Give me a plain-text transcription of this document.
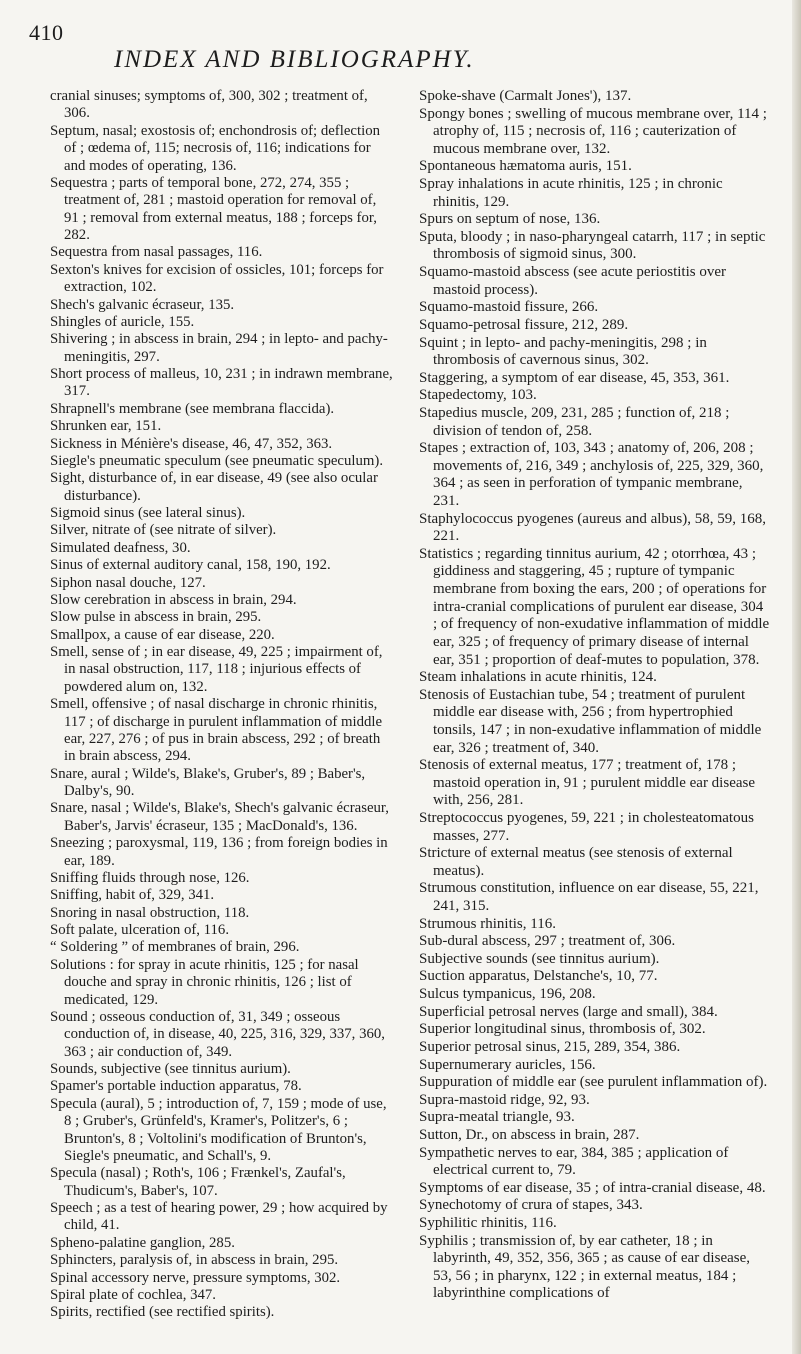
410
INDEX AND BIBLIOGRAPHY.

cranial sinuses; symptoms of, 300, 302 ; treatment of, 306.

Septum, nasal; exostosis of; enchondrosis of; deflection of ; œdema of, 115; necrosis of, 116; indications for and modes of operating, 136.

Sequestra ; parts of temporal bone, 272, 274, 355 ; treatment of, 281 ; mastoid operation for removal of, 91 ; removal from external meatus, 188 ; forceps for, 282.

Sequestra from nasal passages, 116.

Sexton's knives for excision of ossicles, 101; forceps for extraction, 102.

Shech's galvanic écraseur, 135.

Shingles of auricle, 155.

Shivering ; in abscess in brain, 294 ; in lepto- and pachy-meningitis, 297.

Short process of malleus, 10, 231 ; in indrawn membrane, 317.

Shrapnell's membrane (see membrana flaccida).

Shrunken ear, 151.

Sickness in Ménière's disease, 46, 47, 352, 363.

Siegle's pneumatic speculum (see pneumatic speculum).

Sight, disturbance of, in ear disease, 49 (see also ocular disturbance).

Sigmoid sinus (see lateral sinus).

Silver, nitrate of (see nitrate of silver).

Simulated deafness, 30.

Sinus of external auditory canal, 158, 190, 192.

Siphon nasal douche, 127.

Slow cerebration in abscess in brain, 294.

Slow pulse in abscess in brain, 295.

Smallpox, a cause of ear disease, 220.

Smell, sense of ; in ear disease, 49, 225 ; impairment of, in nasal obstruction, 117, 118 ; injurious effects of powdered alum on, 132.

Smell, offensive ; of nasal discharge in chronic rhinitis, 117 ; of discharge in purulent inflammation of middle ear, 227, 276 ; of pus in brain abscess, 292 ; of breath in brain abscess, 294.

Snare, aural ; Wilde's, Blake's, Gruber's, 89 ; Baber's, Dalby's, 90.

Snare, nasal ; Wilde's, Blake's, Shech's galvanic écraseur, Baber's, Jarvis' écraseur, 135 ; MacDonald's, 136.

Sneezing ; paroxysmal, 119, 136 ; from foreign bodies in ear, 189.

Sniffing fluids through nose, 126.

Sniffing, habit of, 329, 341.

Snoring in nasal obstruction, 118.

Soft palate, ulceration of, 116.

“ Soldering ” of membranes of brain, 296.

Solutions : for spray in acute rhinitis, 125 ; for nasal douche and spray in chronic rhinitis, 126 ; list of medicated, 129.

Sound ; osseous conduction of, 31, 349 ; osseous conduction of, in disease, 40, 225, 316, 329, 337, 360, 363 ; air conduction of, 349.

Sounds, subjective (see tinnitus aurium).

Spamer's portable induction apparatus, 78.

Specula (aural), 5 ; introduction of, 7, 159 ; mode of use, 8 ; Gruber's, Grünfeld's, Kramer's, Politzer's, 6 ; Brunton's, 8 ; Voltolini's modification of Brunton's, Siegle's pneumatic, and Schall's, 9.

Specula (nasal) ; Roth's, 106 ; Frænkel's, Zaufal's, Thudicum's, Baber's, 107.

Speech ; as a test of hearing power, 29 ; how acquired by child, 41.

Spheno-palatine ganglion, 285.

Sphincters, paralysis of, in abscess in brain, 295.

Spinal accessory nerve, pressure symptoms, 302.

Spiral plate of cochlea, 347.

Spirits, rectified (see rectified spirits).

Spoke-shave (Carmalt Jones'), 137.

Spongy bones ; swelling of mucous membrane over, 114 ; atrophy of, 115 ; necrosis of, 116 ; cauterization of mucous membrane over, 132.

Spontaneous hæmatoma auris, 151.

Spray inhalations in acute rhinitis, 125 ; in chronic rhinitis, 129.

Spurs on septum of nose, 136.

Sputa, bloody ; in naso-pharyngeal catarrh, 117 ; in septic thrombosis of sigmoid sinus, 300.

Squamo-mastoid abscess (see acute periostitis over mastoid process).

Squamo-mastoid fissure, 266.

Squamo-petrosal fissure, 212, 289.

Squint ; in lepto- and pachy-meningitis, 298 ; in thrombosis of cavernous sinus, 302.

Staggering, a symptom of ear disease, 45, 353, 361.

Stapedectomy, 103.

Stapedius muscle, 209, 231, 285 ; function of, 218 ; division of tendon of, 258.

Stapes ; extraction of, 103, 343 ; anatomy of, 206, 208 ; movements of, 216, 349 ; anchylosis of, 225, 329, 360, 364 ; as seen in perforation of tympanic membrane, 231.

Staphylococcus pyogenes (aureus and albus), 58, 59, 168, 221.

Statistics ; regarding tinnitus aurium, 42 ; otorrhœa, 43 ; giddiness and staggering, 45 ; rupture of tympanic membrane from boxing the ears, 200 ; of operations for intra-cranial complications of purulent ear disease, 304 ; of frequency of non-exudative inflammation of middle ear, 325 ; of frequency of primary disease of internal ear, 351 ; proportion of deaf-mutes to population, 378.

Steam inhalations in acute rhinitis, 124.

Stenosis of Eustachian tube, 54 ; treatment of purulent middle ear disease with, 256 ; from hypertrophied tonsils, 147 ; in non-exudative inflammation of middle ear, 326 ; treatment of, 340.

Stenosis of external meatus, 177 ; treatment of, 178 ; mastoid operation in, 91 ; purulent middle ear disease with, 256, 281.

Streptococcus pyogenes, 59, 221 ; in cholesteatomatous masses, 277.

Stricture of external meatus (see stenosis of external meatus).

Strumous constitution, influence on ear disease, 55, 221, 241, 315.

Strumous rhinitis, 116.

Sub-dural abscess, 297 ; treatment of, 306.

Subjective sounds (see tinnitus aurium).

Suction apparatus, Delstanche's, 10, 77.

Sulcus tympanicus, 196, 208.

Superficial petrosal nerves (large and small), 384.

Superior longitudinal sinus, thrombosis of, 302.

Superior petrosal sinus, 215, 289, 354, 386.

Supernumerary auricles, 156.

Suppuration of middle ear (see purulent inflammation of).

Supra-mastoid ridge, 92, 93.

Supra-meatal triangle, 93.

Sutton, Dr., on abscess in brain, 287.

Sympathetic nerves to ear, 384, 385 ; application of electrical current to, 79.

Symptoms of ear disease, 35 ; of intra-cranial disease, 48.

Synechotomy of crura of stapes, 343.

Syphilitic rhinitis, 116.

Syphilis ; transmission of, by ear catheter, 18 ; in labyrinth, 49, 352, 356, 365 ; as cause of ear disease, 53, 56 ; in pharynx, 122 ; in external meatus, 184 ; labyrinthine complications of
